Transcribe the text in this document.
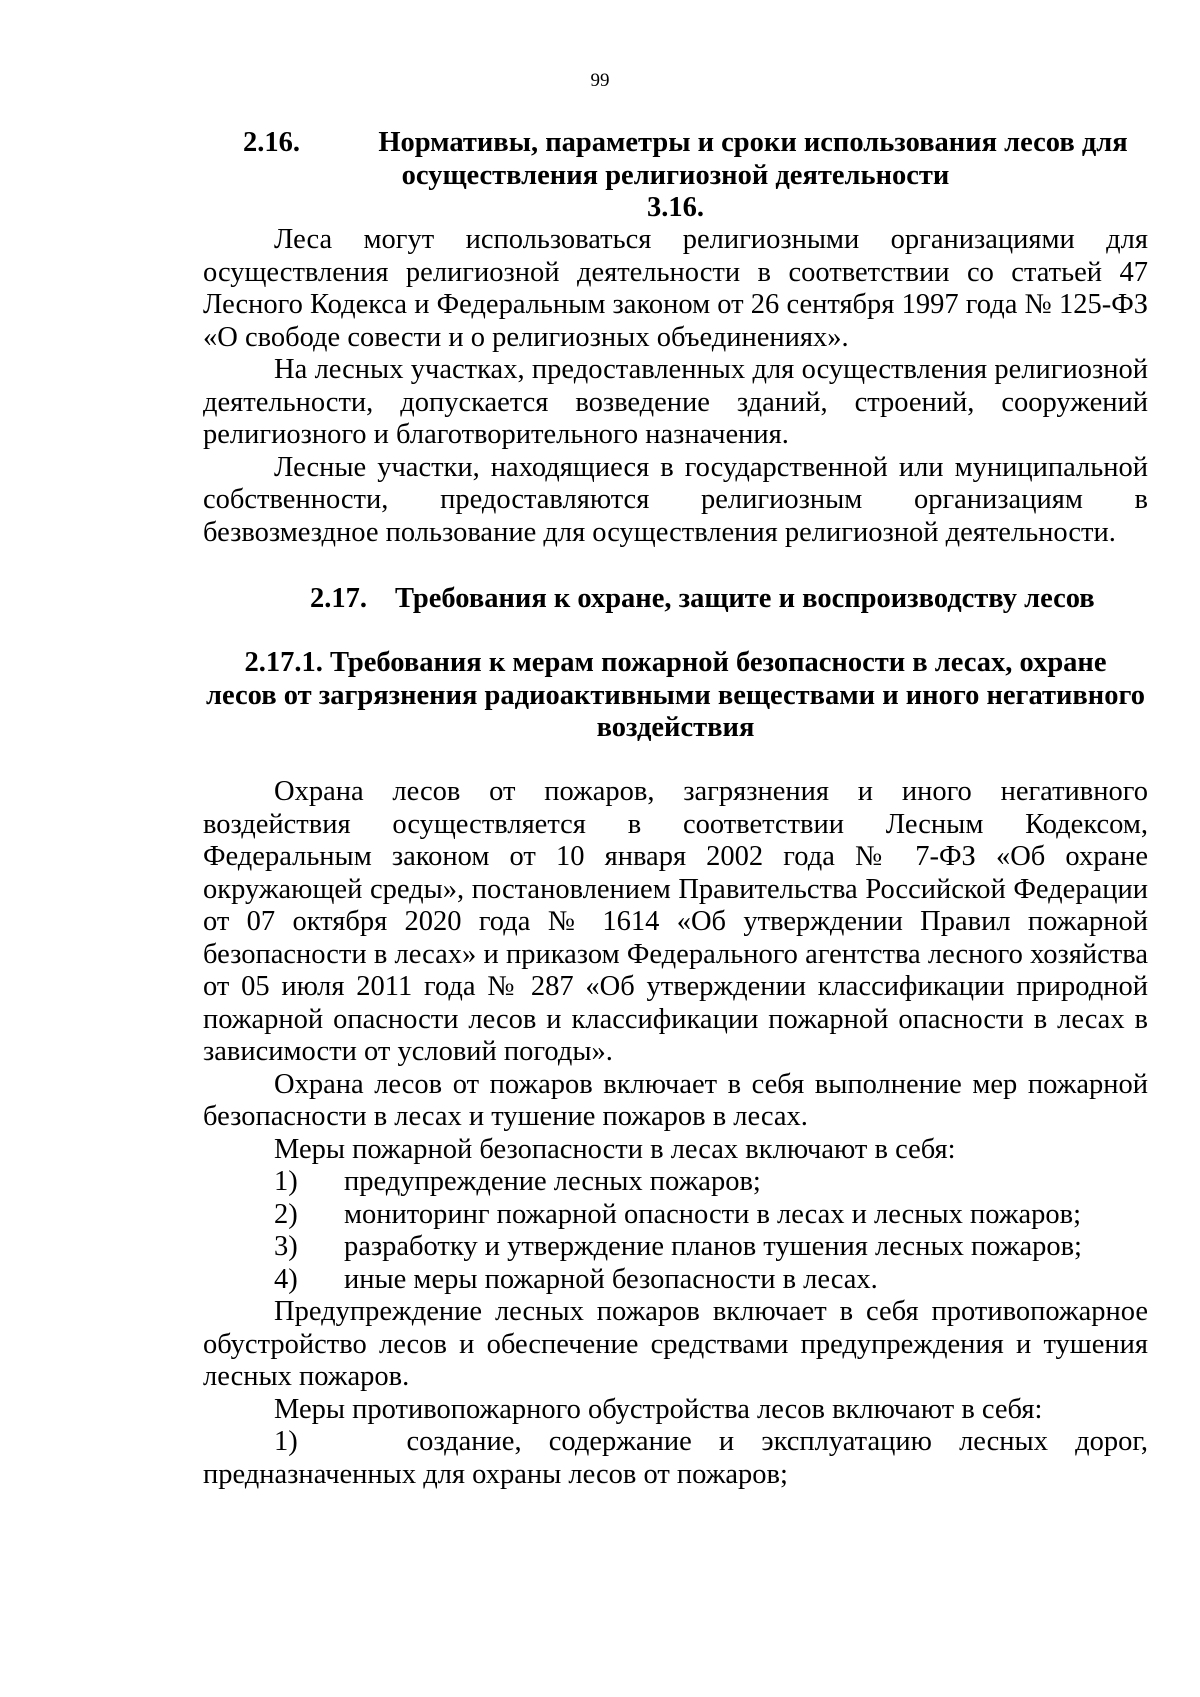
99
2.16.	Нормативы, параметры и сроки использования лесов для
осуществления религиозной деятельности
3.16.

Леса могут использоваться религиозными организациями для осуществления религиозной деятельности в соответствии со статьей 47 Лесного Кодекса и Федеральным законом от 26 сентября 1997 года № 125-ФЗ «О свободе совести и о религиозных объединениях».

На лесных участках, предоставленных для осуществления религиозной деятельности, допускается возведение зданий, строений, сооружений религиозного и благотворительного назначения.

Лесные участки, находящиеся в государственной или муниципальной собственности, предоставляются религиозным организациям в безвозмездное пользование для осуществления религиозной деятельности.

2.17. Требования к охране, защите и воспроизводству лесов
2.17.1. Требования к мерам пожарной безопасности в лесах, охране
лесов от загрязнения радиоактивными веществами и иного негативного
воздействия

Охрана лесов от пожаров, загрязнения и иного негативного воздействия осуществляется в соответствии Лесным Кодексом, Федеральным законом от 10 января 2002 года № 7-ФЗ «Об охране окружающей среды», постановлением Правительства Российской Федерации от 07 октября 2020 года № 1614 «Об утверждении Правил пожарной безопасности в лесах» и приказом Федерального агентства лесного хозяйства от 05 июля 2011 года № 287 «Об утверждении классификации природной пожарной опасности лесов и классификации пожарной опасности в лесах в зависимости от условий погоды».

Охрана лесов от пожаров включает в себя выполнение мер пожарной безопасности в лесах и тушение пожаров в лесах.

Меры пожарной безопасности в лесах включают в себя:

1)	предупреждение лесных пожаров;
2)	мониторинг пожарной опасности в лесах и лесных пожаров;
3)	разработку и утверждение планов тушения лесных пожаров;
4)	иные меры пожарной безопасности в лесах.

Предупреждение лесных пожаров включает в себя противопожарное обустройство лесов и обеспечение средствами предупреждения и тушения лесных пожаров.

Меры противопожарного обустройства лесов включают в себя:

1)	создание, содержание и эксплуатацию лесных дорог, предназначенных для охраны лесов от пожаров;
